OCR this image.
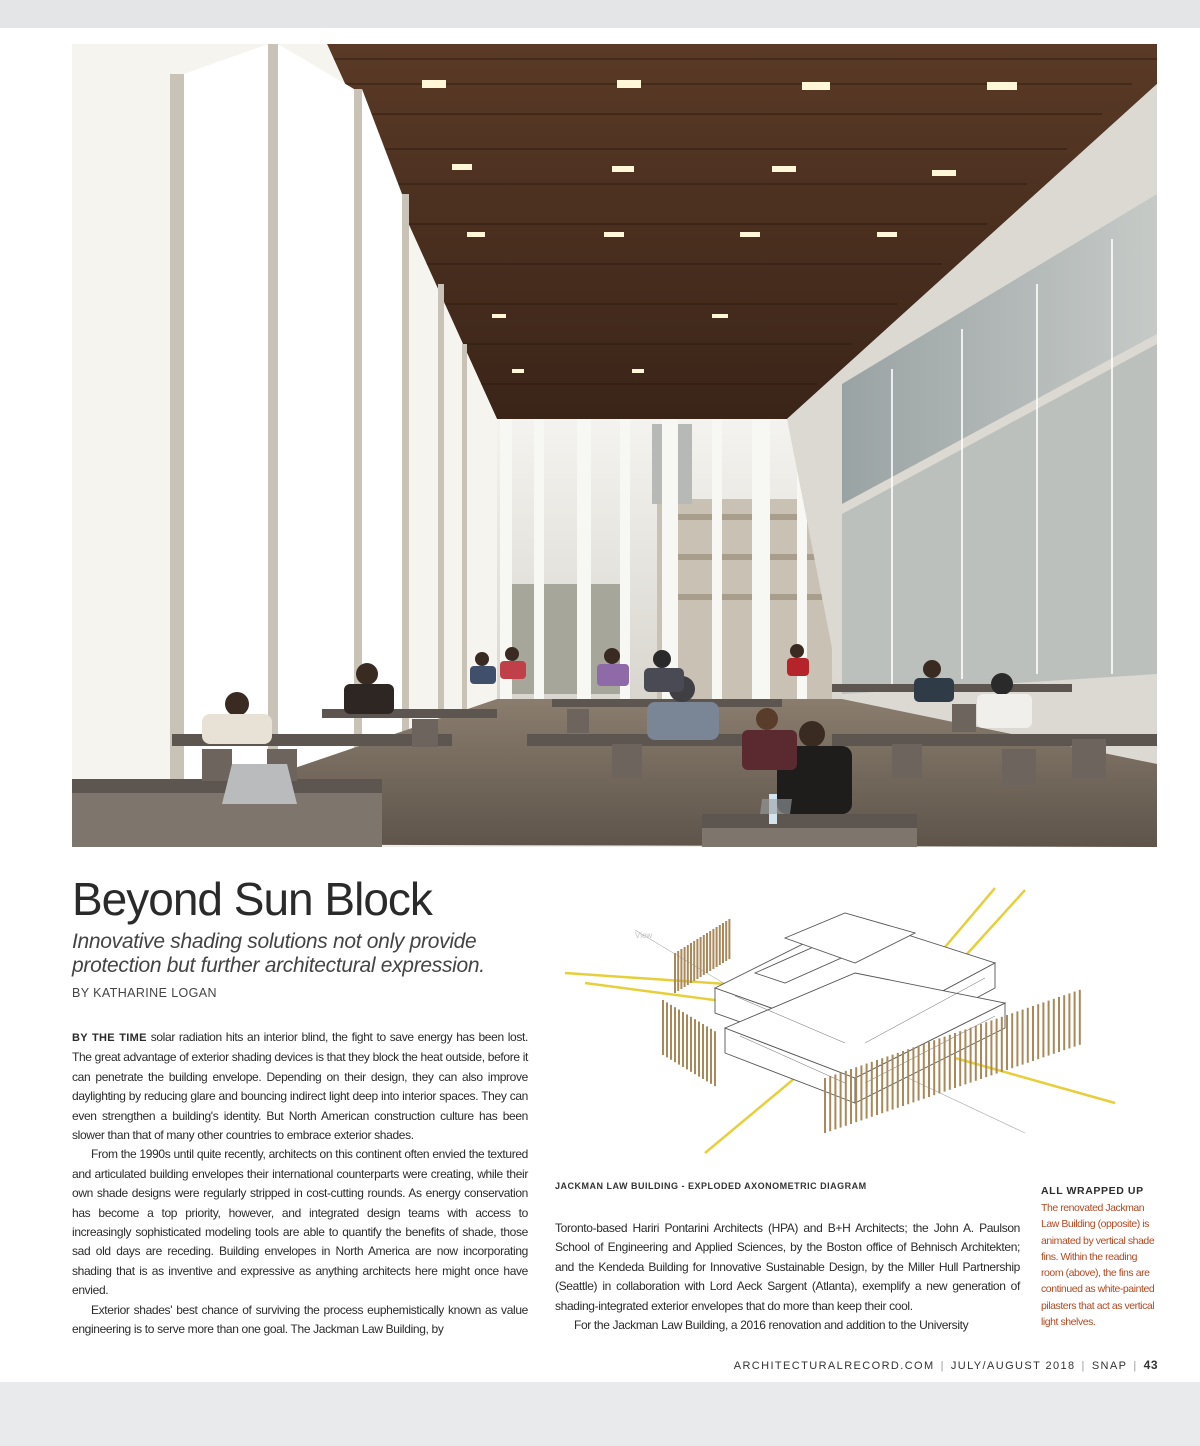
Beyond Sun Block

Innovative shading solutions not only provide protection but further architectural expression.

BY KATHARINE LOGAN

BY THE TIME solar radiation hits an interior blind, the fight to save energy has been lost. The great advantage of exterior shading devices is that they block the heat outside, before it can penetrate the building envelope. Depending on their design, they can also improve daylighting by reducing glare and bouncing indirect light deep into interior spaces. They can even strengthen a building's identity. But North American construction culture has been slower than that of many other countries to embrace exterior shades.

From the 1990s until quite recently, architects on this continent often envied the textured and articulated building envelopes their international counterparts were creating, while their own shade designs were regularly stripped in cost-cutting rounds. As energy conservation has become a top priority, however, and integrated design teams with access to increasingly sophisticated modeling tools are able to quantify the benefits of shade, those sad old days are receding. Building envelopes in North America are now incorporating shading that is as inventive and expressive as anything architects here might once have envied.

Exterior shades' best chance of surviving the process euphemistically known as value engineering is to serve more than one goal. The Jackman Law Building, by

View

JACKMAN LAW BUILDING - EXPLODED AXONOMETRIC DIAGRAM

Toronto-based Hariri Pontarini Architects (HPA) and B+H Architects; the John A. Paulson School of Engineering and Applied Sciences, by the Boston office of Behnisch Architekten; and the Kendeda Building for Innovative Sustainable Design, by the Miller Hull Partnership (Seattle) in collaboration with Lord Aeck Sargent (Atlanta), exemplify a new generation of shading-integrated exterior envelopes that do more than keep their cool.

For the Jackman Law Building, a 2016 renovation and addition to the University

ALL WRAPPED UP

The renovated Jackman Law Building (opposite) is animated by vertical shade fins. Within the reading room (above), the fins are continued as white-painted pilasters that act as vertical light shelves.

ARCHITECTURALRECORD.COM | JULY/AUGUST 2018 | SNAP | 43
